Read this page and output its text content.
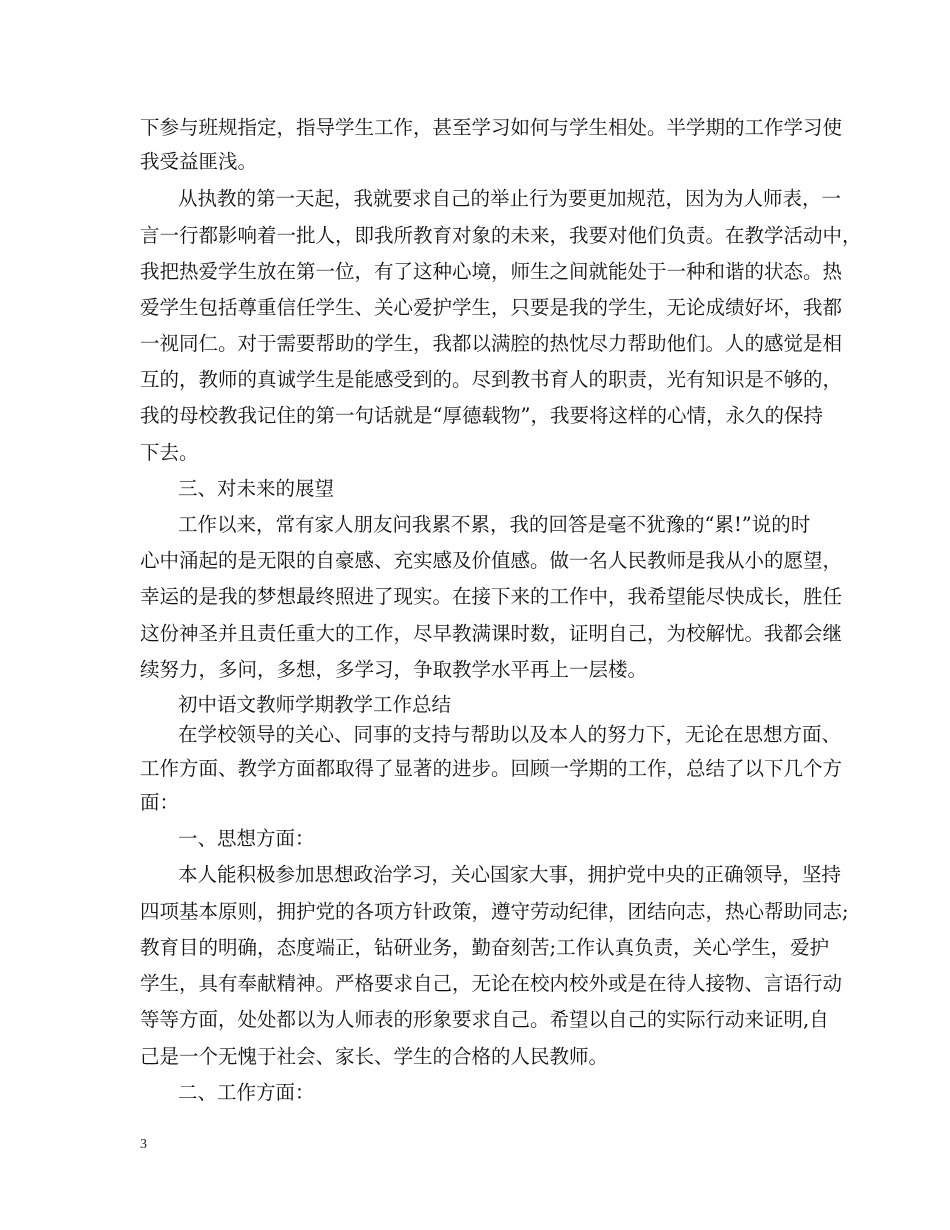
下参与班规指定，指导学生工作，甚至学习如何与学生相处。半学期的工作学习使
我受益匪浅。
从执教的第一天起，我就要求自己的举止行为要更加规范，因为为人师表，一
言一行都影响着一批人，即我所教育对象的未来，我要对他们负责。在教学活动中，
我把热爱学生放在第一位，有了这种心境，师生之间就能处于一种和谐的状态。热
爱学生包括尊重信任学生、关心爱护学生，只要是我的学生，无论成绩好坏，我都
一视同仁。对于需要帮助的学生，我都以满腔的热忱尽力帮助他们。人的感觉是相
互的，教师的真诚学生是能感受到的。尽到教书育人的职责，光有知识是不够的，
我的母校教我记住的第一句话就是“厚德载物”，我要将这样的心情，永久的保持
下去。
三、对未来的展望
工作以来，常有家人朋友问我累不累，我的回答是毫不犹豫的“累!”说的时
心中涌起的是无限的自豪感、充实感及价值感。做一名人民教师是我从小的愿望，
幸运的是我的梦想最终照进了现实。在接下来的工作中，我希望能尽快成长，胜任
这份神圣并且责任重大的工作，尽早教满课时数，证明自己，为校解忧。我都会继
续努力，多问，多想，多学习，争取教学水平再上一层楼。
初中语文教师学期教学工作总结
在学校领导的关心、同事的支持与帮助以及本人的努力下，无论在思想方面、
工作方面、教学方面都取得了显著的进步。回顾一学期的工作，总结了以下几个方
面：
一、思想方面：
本人能积极参加思想政治学习，关心国家大事，拥护党中央的正确领导，坚持
四项基本原则，拥护党的各项方针政策，遵守劳动纪律，团结向志，热心帮助同志;
教育目的明确，态度端正，钻研业务，勤奋刻苦;工作认真负责，关心学生，爱护
学生，具有奉献精神。严格要求自己，无论在校内校外或是在待人接物、言语行动
等等方面，处处都以为人师表的形象要求自己。希望以自己的实际行动来证明,自
己是一个无愧于社会、家长、学生的合格的人民教师。
二、工作方面：
3
